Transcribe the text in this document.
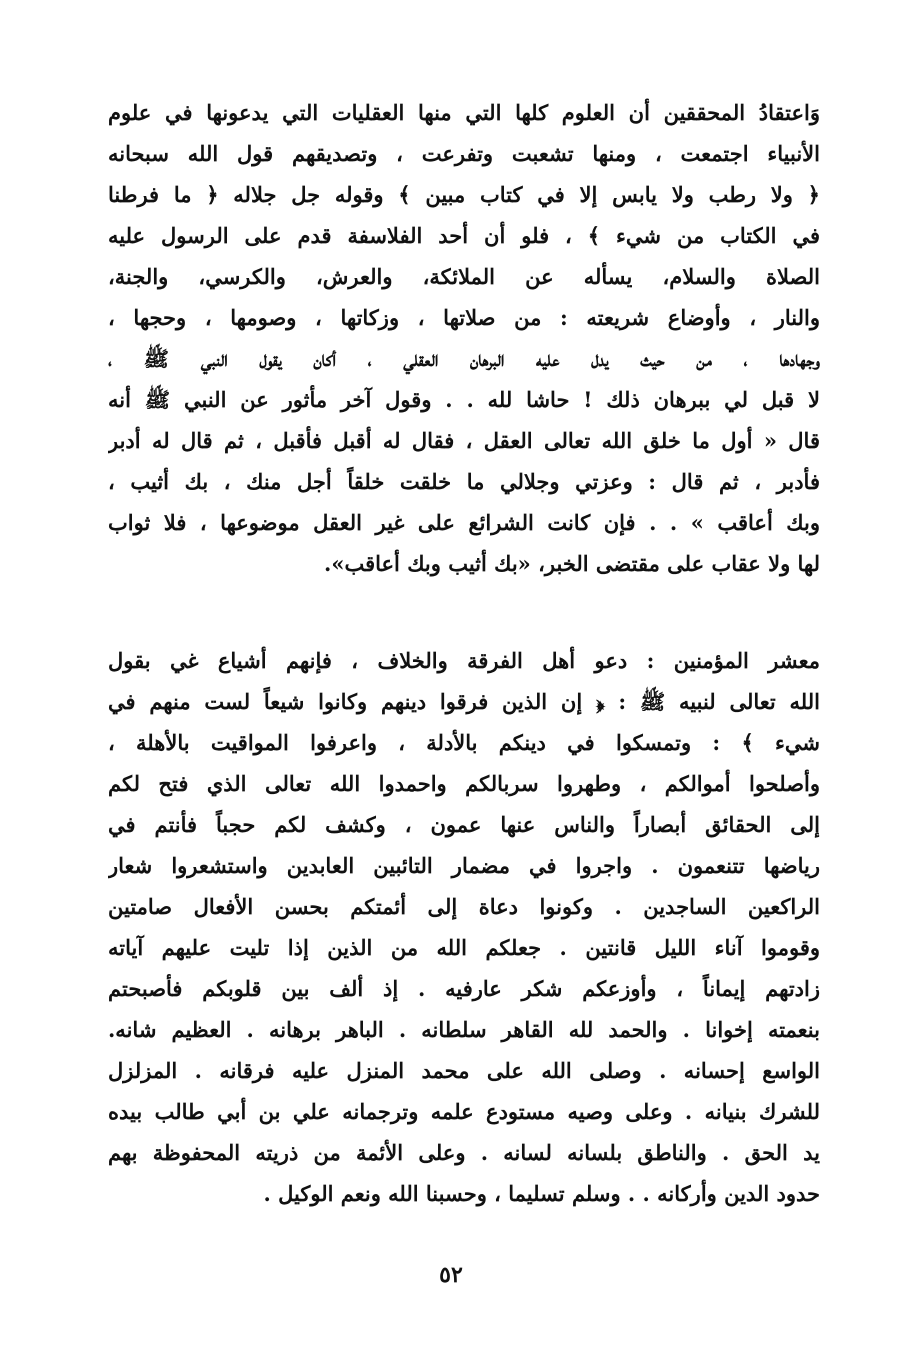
وَاعتقادُ المحققين أن العلوم كلها التي منها العقليات التي يدعونها في علوم
الأنبياء اجتمعت ، ومنها تشعبت وتفرعت ، وتصديقهم قول الله سبحانه
﴿ ولا رطب ولا يابس إلا في كتاب مبين ﴾ وقوله جل جلاله ﴿ ما فرطنا
في الكتاب من شيء ﴾ ، فلو أن أحد الفلاسفة قدم على الرسول عليه
الصلاة والسلام، يسأله عن الملائكة، والعرش، والكرسي، والجنة،
والنار ، وأوضاع شريعته : من صلاتها ، وزكاتها ، وصومها ، وحجها ،
وجهادها ، من حيث يدل عليه البرهان العقلي ، أكان يقول النبي ﷺ ،
لا قبل لي ببرهان ذلك ! حاشا لله . . وقول آخر مأثور عن النبي ﷺ أنه
قال « أول ما خلق الله تعالى العقل ، فقال له أقبل فأقبل ، ثم قال له أدبر
فأدبر ، ثم قال : وعزتي وجلالي ما خلقت خلقاً أجل منك ، بك أثيب ،
وبك أعاقب » . . فإن كانت الشرائع على غير العقل موضوعها ، فلا ثواب
لها ولا عقاب على مقتضى الخبر، «بك أثيب وبك أعاقب».
معشر المؤمنين : دعو أهل الفرقة والخلاف ، فإنهم أشياع غي بقول
الله تعالى لنبيه ﷺ : ﴿ إن الذين فرقوا دينهم وكانوا شيعاً لست منهم في
شيء ﴾ : وتمسكوا في دينكم بالأدلة ، واعرفوا المواقيت بالأهلة ،
وأصلحوا أموالكم ، وطهروا سربالكم واحمدوا الله تعالى الذي فتح لكم
إلى الحقائق أبصاراً والناس عنها عمون ، وكشف لكم حجباً فأنتم في
رياضها تتنعمون . واجروا في مضمار التائبين العابدين واستشعروا شعار
الراكعين الساجدين . وكونوا دعاة إلى أئمتكم بحسن الأفعال صامتين
وقوموا آناء الليل قانتين . جعلكم الله من الذين إذا تليت عليهم آياته
زادتهم إيماناً ، وأوزعكم شكر عارفيه . إذ ألف بين قلوبكم فأصبحتم
بنعمته إخوانا . والحمد لله القاهر سلطانه . الباهر برهانه . العظيم شانه.
الواسع إحسانه . وصلى الله على محمد المنزل عليه فرقانه . المزلزل
للشرك بنيانه . وعلى وصيه مستودع علمه وترجمانه علي بن أبي طالب بيده
يد الحق . والناطق بلسانه لسانه . وعلى الأئمة من ذريته المحفوظة بهم
حدود الدين وأركانه . . وسلم تسليما ، وحسبنا الله ونعم الوكيل .
٥٢
